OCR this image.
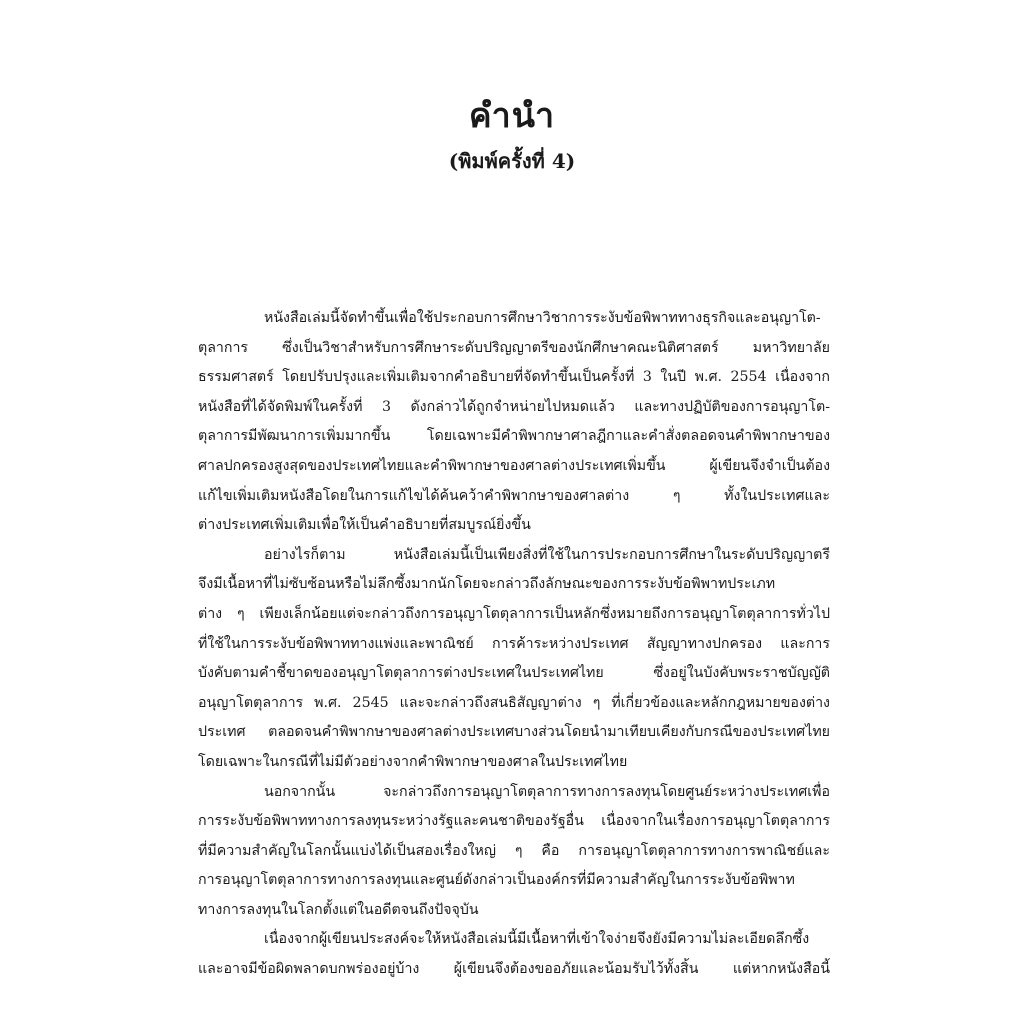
คำนำ
(พิมพ์ครั้งที่ 4)
หนังสือเล่มนี้จัดทำขึ้นเพื่อใช้ประกอบการศึกษาวิชาการระงับข้อพิพาททางธุรกิจและอนุญาโต-
ตุลาการ ซึ่งเป็นวิชาสำหรับการศึกษาระดับปริญญาตรีของนักศึกษาคณะนิติศาสตร์ มหาวิทยาลัย
ธรรมศาสตร์ โดยปรับปรุงและเพิ่มเติมจากคำอธิบายที่จัดทำขึ้นเป็นครั้งที่ 3 ในปี พ.ศ. 2554 เนื่องจาก
หนังสือที่ได้จัดพิมพ์ในครั้งที่ 3 ดังกล่าวได้ถูกจำหน่ายไปหมดแล้ว และทางปฏิบัติของการอนุญาโต-
ตุลาการมีพัฒนาการเพิ่มมากขึ้น โดยเฉพาะมีคำพิพากษาศาลฎีกาและคำสั่งตลอดจนคำพิพากษาของ
ศาลปกครองสูงสุดของประเทศไทยและคำพิพากษาของศาลต่างประเทศเพิ่มขึ้น ผู้เขียนจึงจำเป็นต้อง
แก้ไขเพิ่มเติมหนังสือโดยในการแก้ไขได้ค้นคว้าคำพิพากษาของศาลต่าง ๆ ทั้งในประเทศและ
ต่างประเทศเพิ่มเติมเพื่อให้เป็นคำอธิบายที่สมบูรณ์ยิ่งขึ้น
อย่างไรก็ตาม หนังสือเล่มนี้เป็นเพียงสิ่งที่ใช้ในการประกอบการศึกษาในระดับปริญญาตรี
จึงมีเนื้อหาที่ไม่ซับซ้อนหรือไม่ลึกซึ้งมากนักโดยจะกล่าวถึงลักษณะของการระงับข้อพิพาทประเภท
ต่าง ๆ เพียงเล็กน้อยแต่จะกล่าวถึงการอนุญาโตตุลาการเป็นหลักซึ่งหมายถึงการอนุญาโตตุลาการทั่วไป
ที่ใช้ในการระงับข้อพิพาททางแพ่งและพาณิชย์ การค้าระหว่างประเทศ สัญญาทางปกครอง และการ
บังคับตามคำชี้ขาดของอนุญาโตตุลาการต่างประเทศในประเทศไทย ซึ่งอยู่ในบังคับพระราชบัญญัติ
อนุญาโตตุลาการ พ.ศ. 2545 และจะกล่าวถึงสนธิสัญญาต่าง ๆ ที่เกี่ยวข้องและหลักกฎหมายของต่าง
ประเทศ ตลอดจนคำพิพากษาของศาลต่างประเทศบางส่วนโดยนำมาเทียบเคียงกับกรณีของประเทศไทย
โดยเฉพาะในกรณีที่ไม่มีตัวอย่างจากคำพิพากษาของศาลในประเทศไทย
นอกจากนั้น จะกล่าวถึงการอนุญาโตตุลาการทางการลงทุนโดยศูนย์ระหว่างประเทศเพื่อ
การระงับข้อพิพาททางการลงทุนระหว่างรัฐและคนชาติของรัฐอื่น เนื่องจากในเรื่องการอนุญาโตตุลาการ
ที่มีความสำคัญในโลกนั้นแบ่งได้เป็นสองเรื่องใหญ่ ๆ คือ การอนุญาโตตุลาการทางการพาณิชย์และ
การอนุญาโตตุลาการทางการลงทุนและศูนย์ดังกล่าวเป็นองค์กรที่มีความสำคัญในการระงับข้อพิพาท
ทางการลงทุนในโลกตั้งแต่ในอดีตจนถึงปัจจุบัน
เนื่องจากผู้เขียนประสงค์จะให้หนังสือเล่มนี้มีเนื้อหาที่เข้าใจง่ายจึงยังมีความไม่ละเอียดลึกซึ้ง
และอาจมีข้อผิดพลาดบกพร่องอยู่บ้าง ผู้เขียนจึงต้องขออภัยและน้อมรับไว้ทั้งสิ้น แต่หากหนังสือนี้
